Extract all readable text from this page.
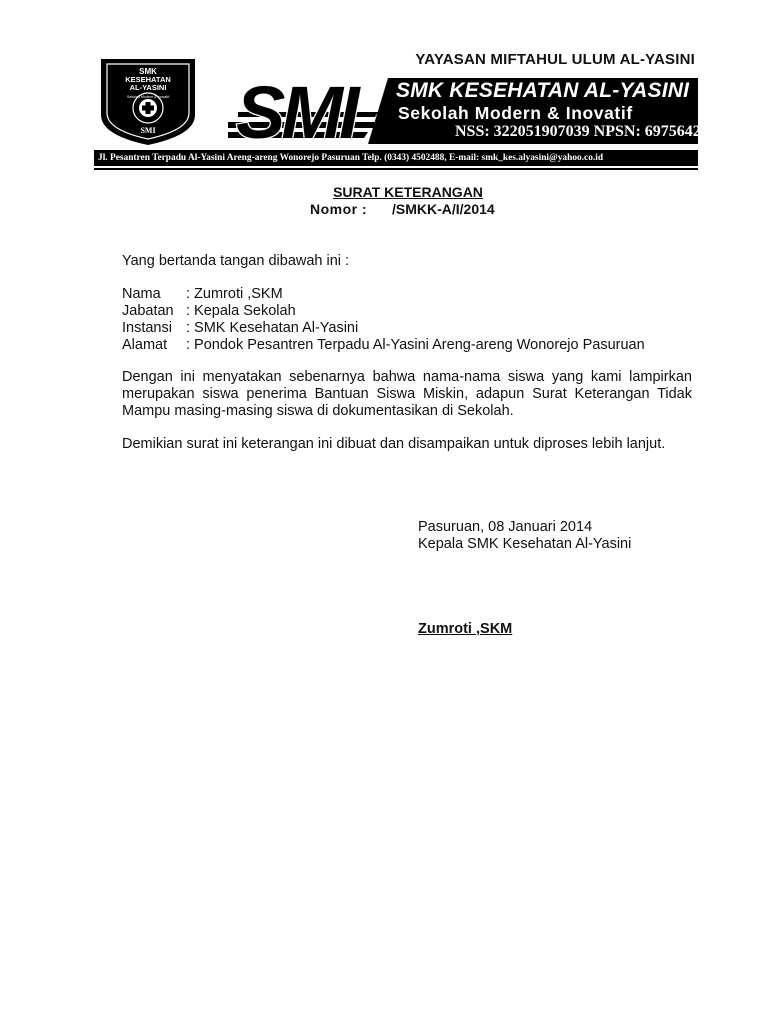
SMK
KESEHATAN
AL-YASINI
Sekolah Modern & Inovatif
SMI
YAYASAN MIFTAHUL ULUM AL-YASINI
SMI SMK KESEHATAN AL-YASINI
Sekolah Modern & Inovatif
NSS: 322051907039 NPSN: 69756427
Jl. Pesantren Terpadu Al-Yasini Areng-areng Wonorejo Pasuruan Telp. (0343) 4502488, E-mail: smk_kes.alyasini@yahoo.co.id
SURAT KETERANGAN
Nomor : /SMKK-A/I/2014
Yang bertanda tangan dibawah ini :
Nama	: Zumroti ,SKM
Jabatan : Kepala Sekolah
Instansi : SMK Kesehatan Al-Yasini
Alamat	: Pondok Pesantren Terpadu Al-Yasini Areng-areng Wonorejo Pasuruan
Dengan ini menyatakan sebenarnya bahwa nama-nama siswa yang kami lampirkan merupakan siswa penerima Bantuan Siswa Miskin, adapun Surat Keterangan Tidak Mampu masing-masing siswa di dokumentasikan di Sekolah.
Demikian surat ini keterangan ini dibuat dan disampaikan untuk diproses lebih lanjut.
Pasuruan, 08 Januari 2014
Kepala SMK Kesehatan Al-Yasini
Zumroti ,SKM
